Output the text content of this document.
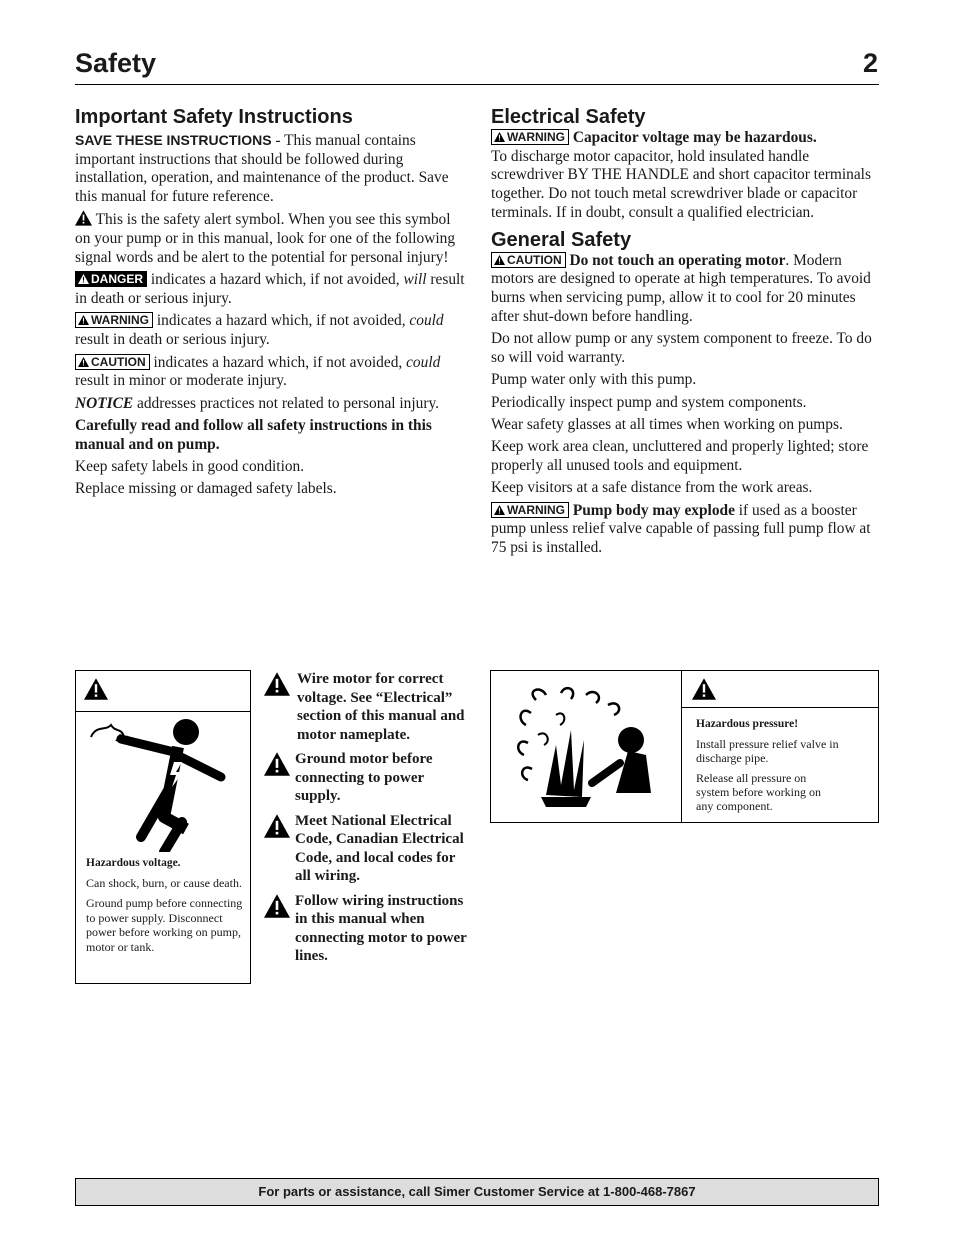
Safety	2
Important Safety Instructions

SAVE THESE INSTRUCTIONS - This manual contains important instructions that should be followed during installation, operation, and maintenance of the product. Save this manual for future reference.

This is the safety alert symbol. When you see this symbol on your pump or in this manual, look for one of the following signal words and be alert to the potential for personal injury!

DANGER indicates a hazard which, if not avoided, will result in death or serious injury.

WARNING indicates a hazard which, if not avoided, could result in death or serious injury.

CAUTION indicates a hazard which, if not avoided, could result in minor or moderate injury.

NOTICE addresses practices not related to personal injury.

Carefully read and follow all safety instructions in this manual and on pump.

Keep safety labels in good condition.

Replace missing or damaged safety labels.

Electrical Safety

WARNING Capacitor voltage may be hazardous.
To discharge motor capacitor, hold insulated handle screwdriver BY THE HANDLE and short capacitor terminals together. Do not touch metal screwdriver blade or capacitor terminals. If in doubt, consult a qualified electrician.

General Safety

CAUTION Do not touch an operating motor. Modern motors are designed to operate at high temperatures. To avoid burns when servicing pump, allow it to cool for 20 minutes after shut-down before handling.

Do not allow pump or any system component to freeze. To do so will void warranty.

Pump water only with this pump.

Periodically inspect pump and system components.

Wear safety glasses at all times when working on pumps.

Keep work area clean, uncluttered and properly lighted; store properly all unused tools and equipment.

Keep visitors at a safe distance from the work areas.

WARNING Pump body may explode if used as a booster pump unless relief valve capable of passing full pump flow at 75 psi is installed.

Hazardous voltage.

Can shock, burn, or cause death.

Ground pump before connecting to power supply. Disconnect power before working on pump, motor or tank.

Wire motor for correct voltage. See “Electrical” section of this manual and motor nameplate.
Ground motor before connecting to power supply.
Meet National Electrical Code, Canadian Electrical Code, and local codes for all wiring.
Follow wiring instructions in this manual when connecting motor to power lines.

Hazardous pressure!

Install pressure relief valve in discharge pipe.

Release all pressure on system before working on any component.

For parts or assistance, call Simer Customer Service at 1-800-468-7867
